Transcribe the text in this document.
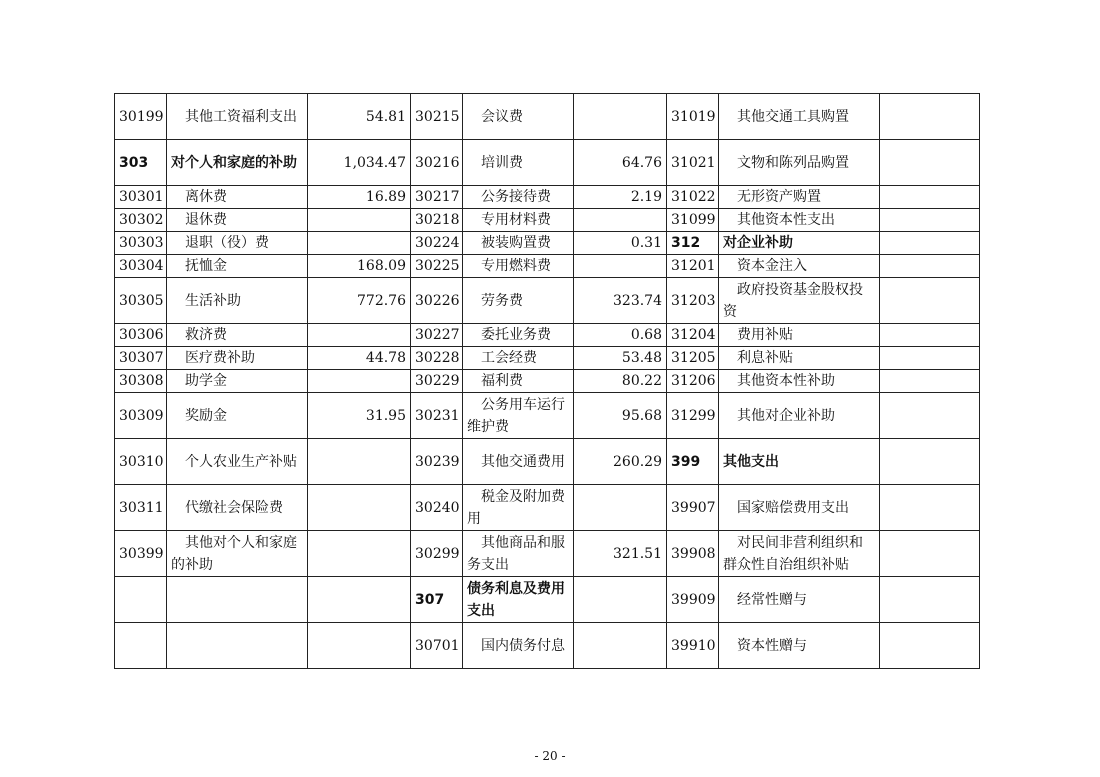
30199	其他工资福利支出	54.81	30215	会议费		31019	其他交通工具购置	
303	对个人和家庭的补助	1,034.47	30216	培训费	64.76	31021	文物和陈列品购置	
30301	离休费	16.89	30217	公务接待费	2.19	31022	无形资产购置	
30302	退休费		30218	专用材料费		31099	其他资本性支出	
30303	退职（役）费		30224	被装购置费	0.31	312	对企业补助	
30304	抚恤金	168.09	30225	专用燃料费		31201	资本金注入	
30305	生活补助	772.76	30226	劳务费	323.74	31203	政府投资基金股权投资	
30306	救济费		30227	委托业务费	0.68	31204	费用补贴	
30307	医疗费补助	44.78	30228	工会经费	53.48	31205	利息补贴	
30308	助学金		30229	福利费	80.22	31206	其他资本性补助	
30309	奖励金	31.95	30231	公务用车运行维护费	95.68	31299	其他对企业补助	
30310	个人农业生产补贴		30239	其他交通费用	260.29	399	其他支出	
30311	代缴社会保险费		30240	税金及附加费用		39907	国家赔偿费用支出	
30399	其他对个人和家庭的补助		30299	其他商品和服务支出	321.51	39908	对民间非营利组织和群众性自治组织补贴	
			307	债务利息及费用支出		39909	经常性赠与	
			30701	国内债务付息		39910	资本性赠与	
- 20 -
